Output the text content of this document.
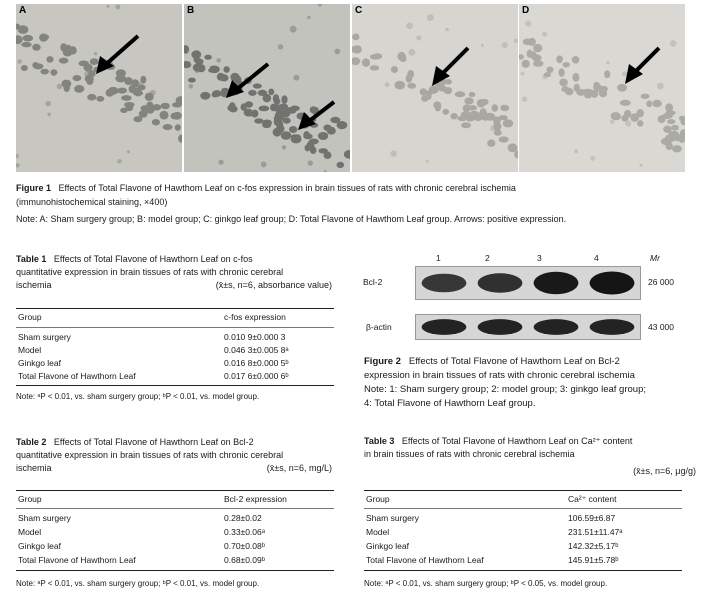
A	B	C	D
Figure 1 Effects of Total Flavone of Hawthom Leaf on c-fos expression in brain tissues of rats with chronic cerebral ischemia
(immunohistochemical staining, ×400)
Note: A: Sham surgery group; B: model group; C: ginkgo leaf group; D: Total Flavone of Hawthom Leaf group. Arrows: positive expression.
Table 1 Effects of Total Flavone of Hawthorn Leaf on c-fos
quantitative expression in brain tissues of rats with chronic cerebral
ischemia	(x̄±s, n=6, absorbance value)
Group	c-fos expression
Sham surgery	0.010 9±0.000 3
Model	0.046 3±0.005 8ᵃ
Ginkgo leaf	0.016 8±0.000 5ᵇ
Total Flavone of Hawthorn Leaf	0.017 6±0.000 6ᵇ
Note: ᵃP < 0.01, vs. sham surgery group; ᵇP < 0.01, vs. model group.
Table 2 Effects of Total Flavone of Hawthorn Leaf on Bcl-2
quantitative expression in brain tissues of rats with chronic cerebral
ischemia	(x̄±s, n=6, mg/L)
Group	Bcl-2 expression
Sham surgery	0.28±0.02
Model	0.33±0.06ᵃ
Ginkgo leaf	0.70±0.08ᵇ
Total Flavone of Hawthorn Leaf	0.68±0.09ᵇ
Note: ᵃP < 0.01, vs. sham surgery group; ᵇP < 0.01, vs. model group.
1	2	3	4	Mr
Bcl-2	26 000
β-actin	43 000
Figure 2 Effects of Total Flavone of Hawthorn Leaf on Bcl-2
expression in brain tissues of rats with chronic cerebral ischemia
Note: 1: Sham surgery group; 2: model group; 3: ginkgo leaf group;
4: Total Flavone of Hawthorn Leaf group.
Table 3 Effects of Total Flavone of Hawthorn Leaf on Ca²⁺ content
in brain tissues of rats with chronic cerebral ischemia
(x̄±s, n=6, μg/g)
Group	Ca²⁺ content
Sham surgery	106.59±6.87
Model	231.51±11.47ᵃ
Ginkgo leaf	142.32±5.17ᵇ
Total Flavone of Hawthorn Leaf	145.91±5.78ᵇ
Note: ᵃP < 0.01, vs. sham surgery group; ᵇP < 0.05, vs. model group.
